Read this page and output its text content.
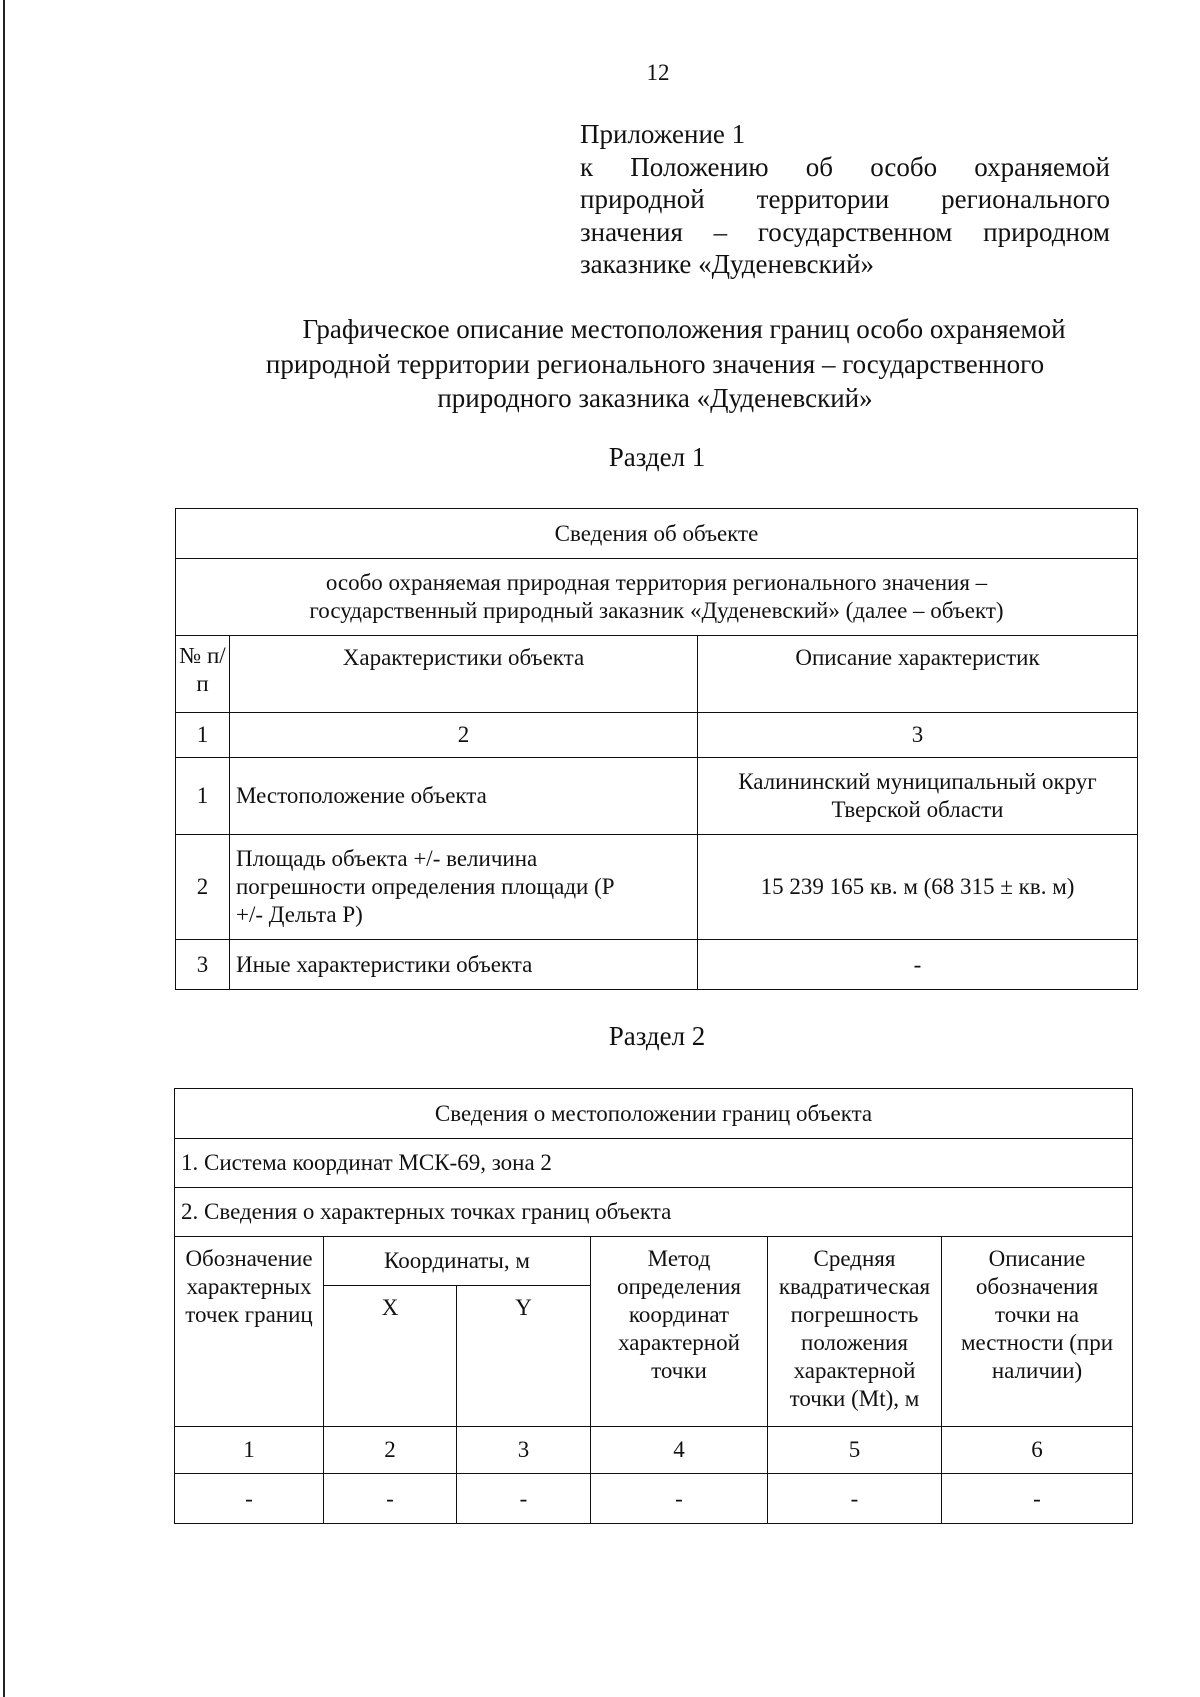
12
Приложение 1
к Положению об особо охраняемой
природной территории регионального
значения – государственном природном
заказнике «Дуденевский»
Графическое описание местоположения границ особо охраняемой
природной территории регионального значения – государственного
природного заказника «Дуденевский»
Раздел 1
Сведения об объекте		

особо охраняемая природная территория регионального значения –
государственный природный заказник «Дуденевский» (далее – объект)		

№ п/п	Характеристики объекта	Описание характеристик
1	2	3
1	Местоположение объекта	Калининский муниципальный округ Тверской области
2	Площадь объекта +/- величина погрешности определения площади (Р +/- Дельта Р)	15 239 165 кв. м (68 315 ± кв. м)
3	Иные характеристики объекта	-
Раздел 2
Сведения о местоположении границ объекта					
1. Система координат МСК-69, зона 2					
2. Сведения о характерных точках границ объекта					
Обозначение характерных точек границ	Координаты, м		Метод определения координат характерной точки	Средняя квадратическая погрешность положения характерной точки (Mt), м	Описание обозначения точки на местности (при наличии)
	X	Y			
1	2	3	4	5	6
-	-	-	-	-	-
